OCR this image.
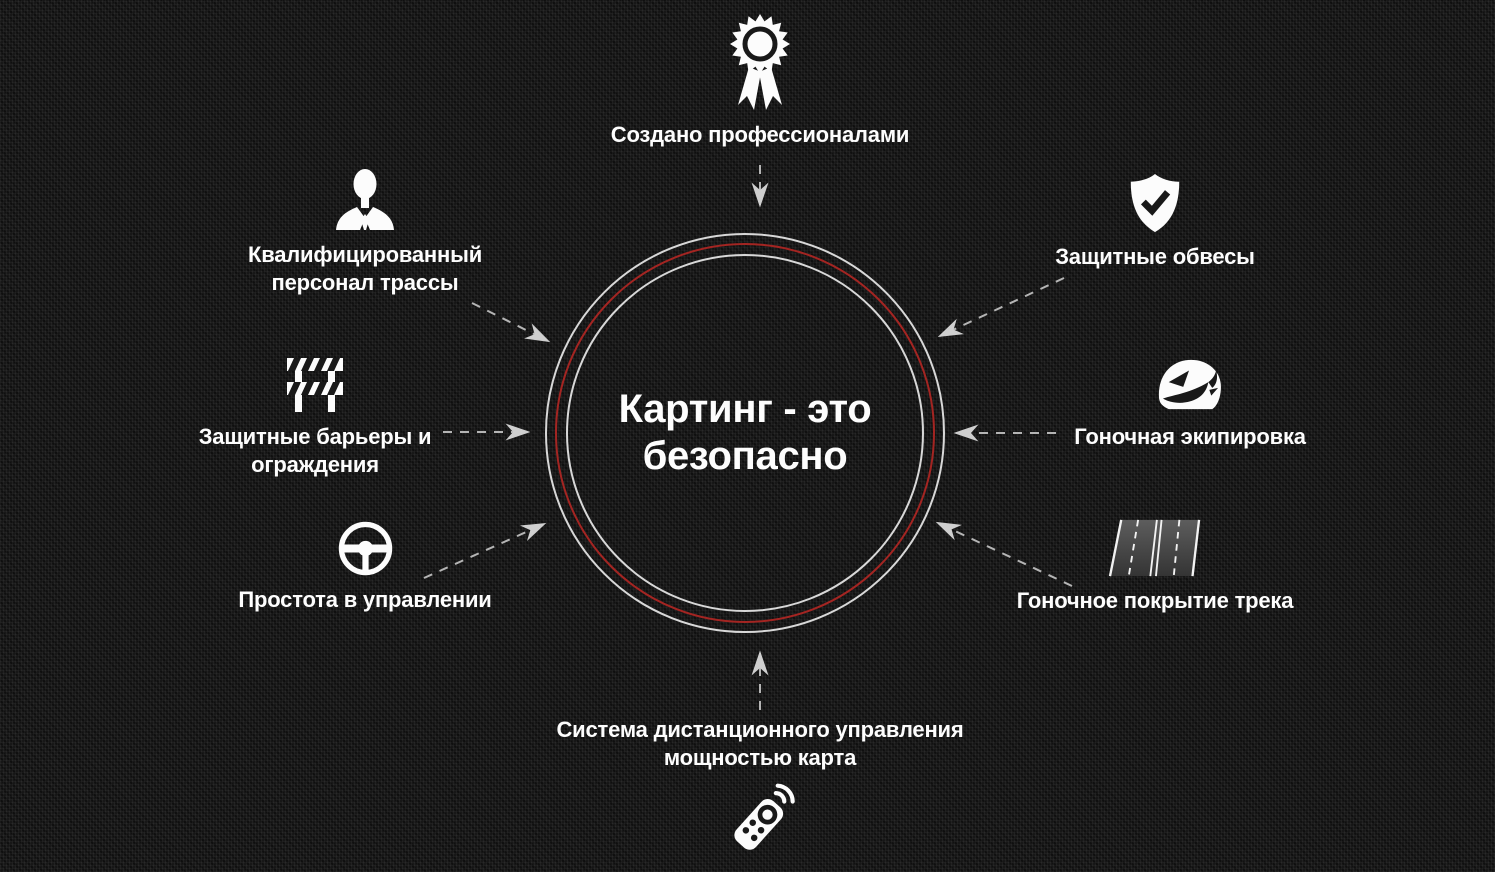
Картинг - это
безопасно
Создано профессионалами
Квалифицированный персонал трассы
Защитные барьеры и ограждения
Простота в управлении
Защитные обвесы
Гоночная экипировка
Гоночное покрытие трека
Система дистанционного управления мощностью карта
